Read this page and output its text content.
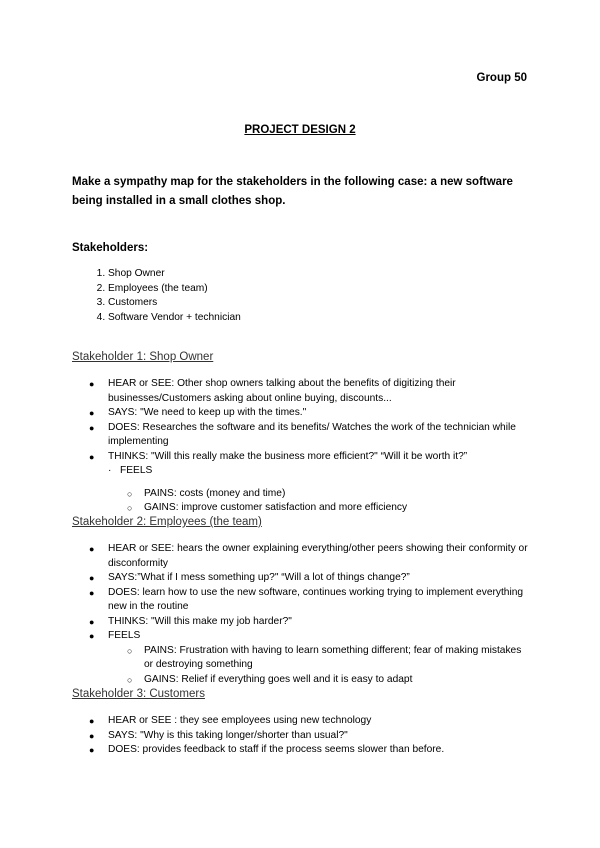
Group 50
PROJECT DESIGN 2
Make a sympathy map for the stakeholders in the following case: a new software being installed in a small clothes shop.
Stakeholders:
1. Shop Owner
2. Employees (the team)
3. Customers
4. Software Vendor + technician
Stakeholder 1: Shop Owner
● HEAR or SEE: Other shop owners talking about the benefits of digitizing their businesses/Customers asking about online buying, discounts...
● SAYS: "We need to keep up with the times."
● DOES: Researches the software and its benefits/ Watches the work of the technician while implementing
● THINKS: "Will this really make the business more efficient?" “Will it be worth it?”
· FEELS
○ PAINS: costs (money and time)
○ GAINS: improve customer satisfaction and more efficiency
Stakeholder 2: Employees (the team)
● HEAR or SEE: hears the owner explaining everything/other peers showing their conformity or disconformity
● SAYS:”What if I mess something up?" “Will a lot of things change?”
● DOES: learn how to use the new software, continues working trying to implement everything new in the routine
● THINKS: "Will this make my job harder?"
● FEELS
○ PAINS: Frustration with having to learn something different; fear of making mistakes or destroying something
○ GAINS: Relief if everything goes well and it is easy to adapt
Stakeholder 3: Customers
● HEAR or SEE : they see employees using new technology
● SAYS: "Why is this taking longer/shorter than usual?"
● DOES: provides feedback to staff if the process seems slower than before.
